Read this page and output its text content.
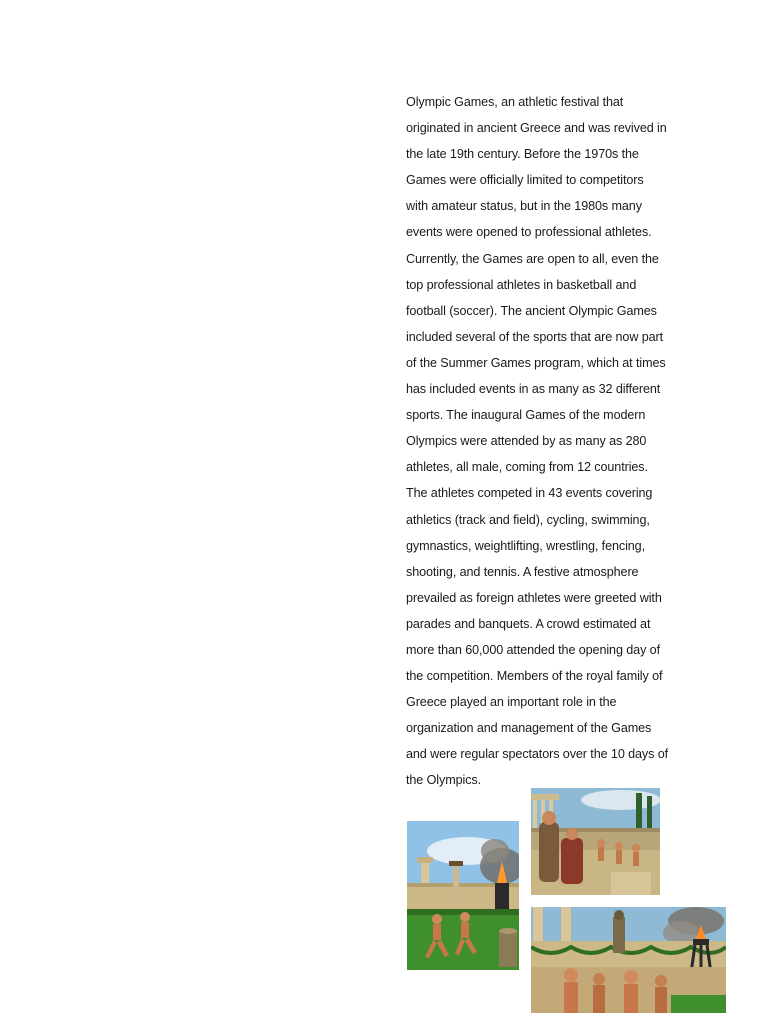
Olympic Games, an athletic festival that
originated in ancient Greece and was revived in
the late 19th century. Before the 1970s the
Games were officially limited to competitors
with amateur status, but in the 1980s many
events were opened to professional athletes.
Currently, the Games are open to all, even the
top professional athletes in basketball and
football (soccer). The ancient Olympic Games
included several of the sports that are now part
of the Summer Games program, which at times
has included events in as many as 32 different
sports. The inaugural Games of the modern
Olympics were attended by as many as 280
athletes, all male, coming from 12 countries.
The athletes competed in 43 events covering
athletics (track and field), cycling, swimming,
gymnastics, weightlifting, wrestling, fencing,
shooting, and tennis. A festive atmosphere
prevailed as foreign athletes were greeted with
parades and banquets. A crowd estimated at
more than 60,000 attended the opening day of
the competition. Members of the royal family of
Greece played an important role in the
organization and management of the Games
and were regular spectators over the 10 days of
the Olympics.
